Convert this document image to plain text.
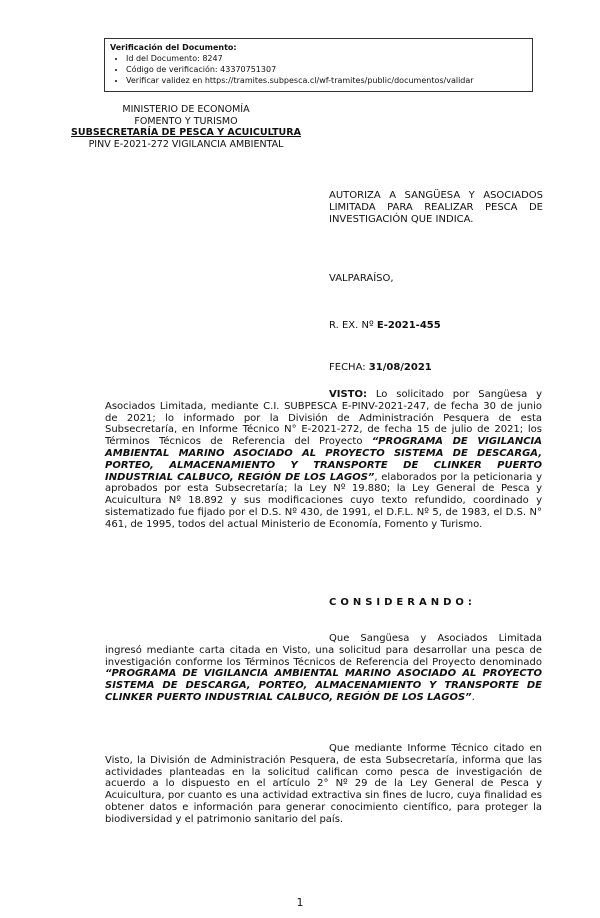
Verificación del Documento:
• Id del Documento: 8247
• Código de verificación: 43370751307
• Verificar validez en https://tramites.subpesca.cl/wf-tramites/public/documentos/validar
MINISTERIO DE ECONOMÍA
FOMENTO Y TURISMO
SUBSECRETARÍA DE PESCA Y ACUICULTURA
PINV E-2021-272 VIGILANCIA AMBIENTAL
AUTORIZA A SANGÜESA Y ASOCIADOS LIMITADA PARA REALIZAR PESCA DE INVESTIGACIÓN QUE INDICA.
VALPARAÍSO,
R. EX. Nº E-2021-455
FECHA: 31/08/2021
VISTO: Lo solicitado por Sangüesa y Asociados Limitada, mediante C.I. SUBPESCA E-PINV-2021-247, de fecha 30 de junio de 2021; lo informado por la División de Administración Pesquera de esta Subsecretaría, en Informe Técnico N° E-2021-272, de fecha 15 de julio de 2021; los Términos Técnicos de Referencia del Proyecto “PROGRAMA DE VIGILANCIA AMBIENTAL MARINO ASOCIADO AL PROYECTO SISTEMA DE DESCARGA, PORTEO, ALMACENAMIENTO Y TRANSPORTE DE CLINKER PUERTO INDUSTRIAL CALBUCO, REGIÓN DE LOS LAGOS”, elaborados por la peticionaria y aprobados por esta Subsecretaría; la Ley Nº 19.880; la Ley General de Pesca y Acuicultura Nº 18.892 y sus modificaciones cuyo texto refundido, coordinado y sistematizado fue fijado por el D.S. Nº 430, de 1991, el D.F.L. Nº 5, de 1983, el D.S. N° 461, de 1995, todos del actual Ministerio de Economía, Fomento y Turismo.
CONSIDERANDO:
Que Sangüesa y Asociados Limitada ingresó mediante carta citada en Visto, una solicitud para desarrollar una pesca de investigación conforme los Términos Técnicos de Referencia del Proyecto denominado “PROGRAMA DE VIGILANCIA AMBIENTAL MARINO ASOCIADO AL PROYECTO SISTEMA DE DESCARGA, PORTEO, ALMACENAMIENTO Y TRANSPORTE DE CLINKER PUERTO INDUSTRIAL CALBUCO, REGIÓN DE LOS LAGOS”.
Que mediante Informe Técnico citado en Visto, la División de Administración Pesquera, de esta Subsecretaría, informa que las actividades planteadas en la solicitud califican como pesca de investigación de acuerdo a lo dispuesto en el artículo 2° Nº 29 de la Ley General de Pesca y Acuicultura, por cuanto es una actividad extractiva sin fines de lucro, cuya finalidad es obtener datos e información para generar conocimiento científico, para proteger la biodiversidad y el patrimonio sanitario del país.
1
